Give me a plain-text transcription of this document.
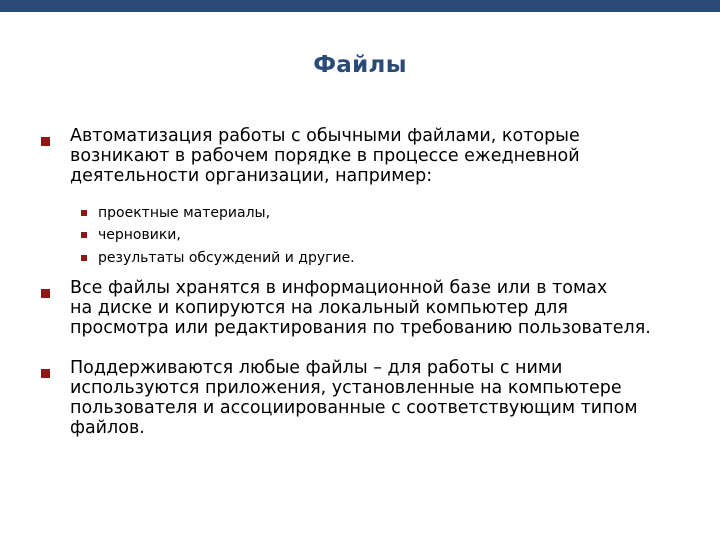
Файлы
Автоматизация работы с обычными файлами, которые
возникают в рабочем порядке в процессе ежедневной
деятельности организации, например:
проектные материалы,
черновики,
результаты обсуждений и другие.
Все файлы хранятся в информационной базе или в томах
на диске и копируются на локальный компьютер для
просмотра или редактирования по требованию пользователя.
Поддерживаются любые файлы – для работы с ними
используются приложения, установленные на компьютере
пользователя и ассоциированные с соответствующим типом
файлов.
